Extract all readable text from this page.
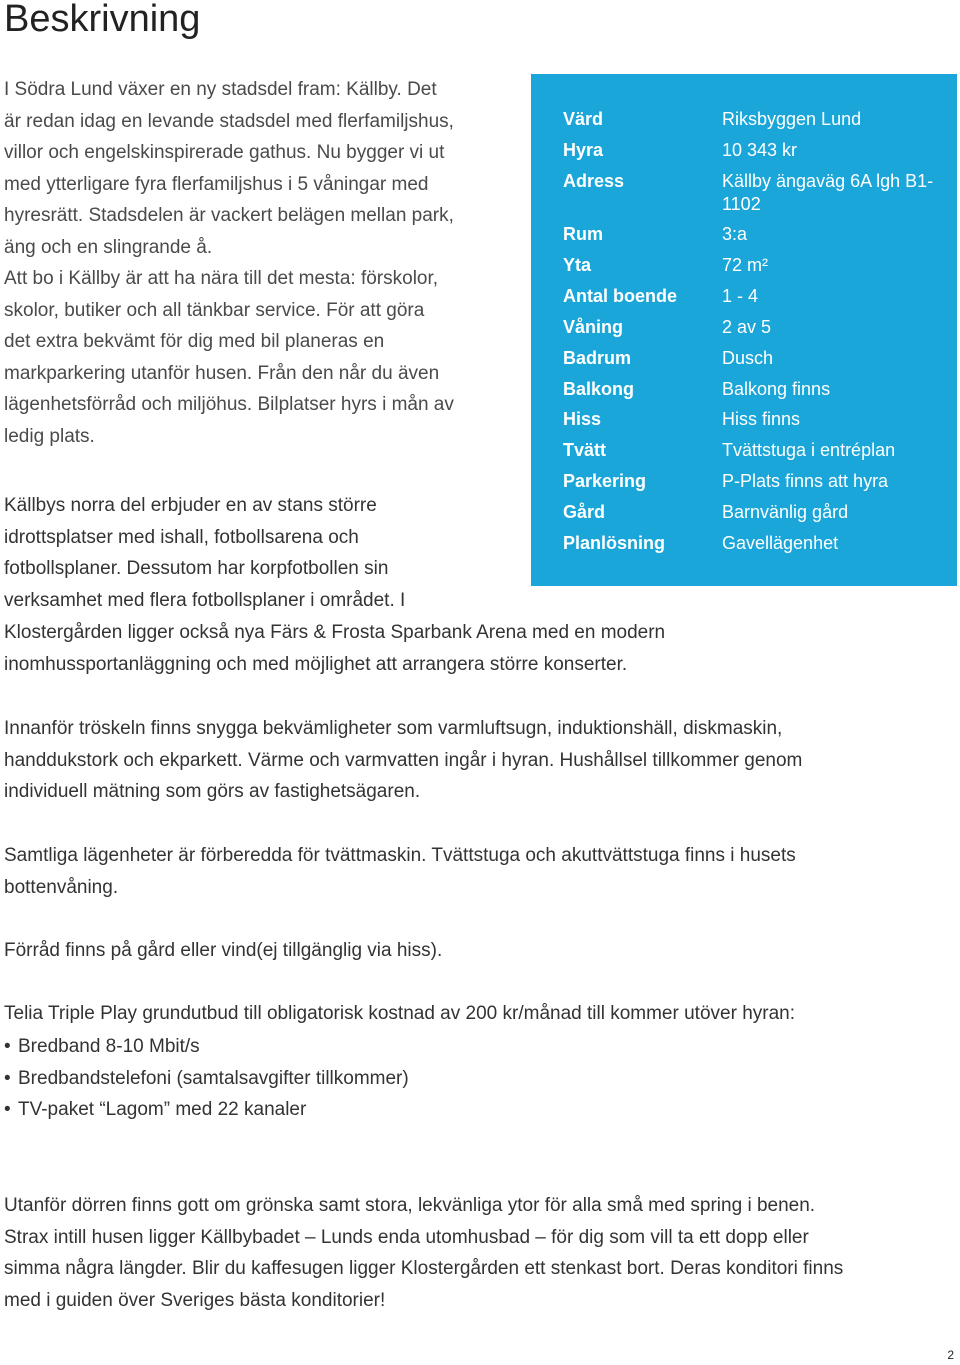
Beskrivning

I Södra Lund växer en ny stadsdel fram: Källby. Det
är redan idag en levande stadsdel med flerfamiljshus,
villor och engelskinspirerade gathus. Nu bygger vi ut
med ytterligare fyra flerfamiljshus i 5 våningar med
hyresrätt. Stadsdelen är vackert belägen mellan park,
äng och en slingrande å.
Att bo i Källby är att ha nära till det mesta: förskolor,
skolor, butiker och all tänkbar service. För att göra
det extra bekvämt för dig med bil planeras en
markparkering utanför husen. Från den når du även
lägenhetsförråd och miljöhus. Bilplatser hyrs i mån av
ledig plats.

Värd	Riksbyggen Lund
Hyra	10 343 kr
Adress	Källby ängaväg 6A lgh B1-1102
Rum	3:a
Yta	72 m²
Antal boende 1 - 4
Våning	2 av 5
Badrum	Dusch
Balkong	Balkong finns
Hiss	Hiss finns
Tvätt	Tvättstuga i entréplan
Parkering	P-Plats finns att hyra
Gård	Barnvänlig gård
Planlösning	Gavellägenhet

Källbys norra del erbjuder en av stans större
idrottsplatser med ishall, fotbollsarena och
fotbollsplaner. Dessutom har korpfotbollen sin
verksamhet med flera fotbollsplaner i området. I
Klostergården ligger också nya Färs & Frosta Sparbank Arena med en modern
inomhussportanläggning och med möjlighet att arrangera större konserter.

Innanför tröskeln finns snygga bekvämligheter som varmluftsugn, induktionshäll, diskmaskin,
handdukstork och ekparkett. Värme och varmvatten ingår i hyran. Hushållsel tillkommer genom
individuell mätning som görs av fastighetsägaren.

Samtliga lägenheter är förberedda för tvättmaskin. Tvättstuga och akuttvättstuga finns i husets
bottenvåning.

Förråd finns på gård eller vind(ej tillgänglig via hiss).

Telia Triple Play grundutbud till obligatorisk kostnad av 200 kr/månad till kommer utöver hyran:

• Bredband 8-10 Mbit/s
• Bredbandstelefoni (samtalsavgifter tillkommer)
• TV-paket “Lagom” med 22 kanaler

Utanför dörren finns gott om grönska samt stora, lekvänliga ytor för alla små med spring i benen.
Strax intill husen ligger Källbybadet – Lunds enda utomhusbad – för dig som vill ta ett dopp eller
simma några längder. Blir du kaffesugen ligger Klostergården ett stenkast bort. Deras konditori finns
med i guiden över Sveriges bästa konditorier!

2
